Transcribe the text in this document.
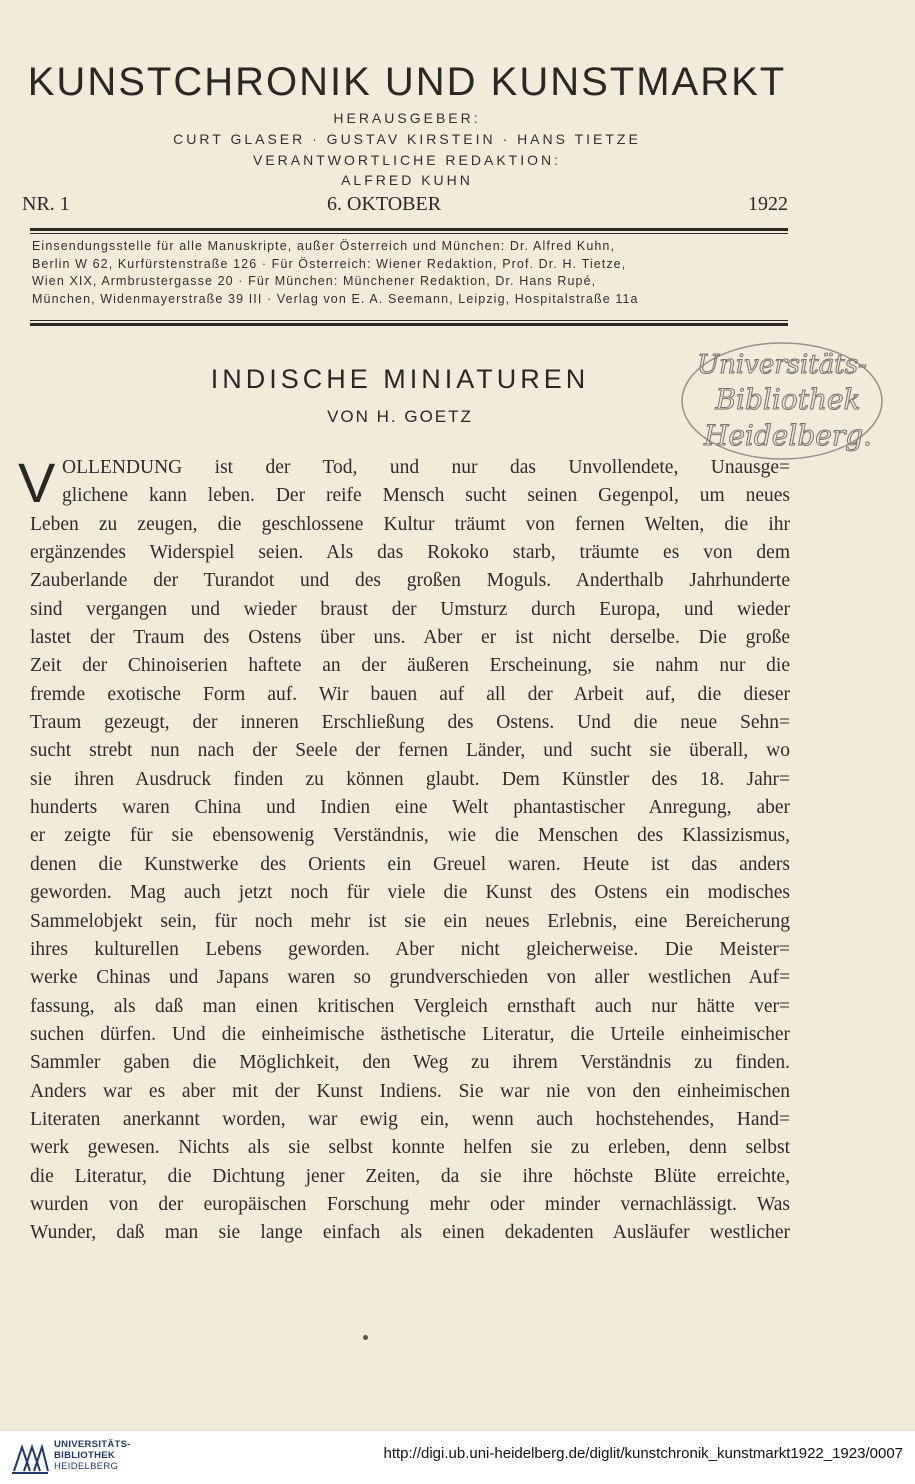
KUNSTCHRONIK UND KUNSTMARKT
HERAUSGEBER:
CURT GLASER · GUSTAV KIRSTEIN · HANS TIETZE
VERANTWORTLICHE REDAKTION:
ALFRED KUHN
NR. 1	6. OKTOBER	1922
Einsendungsstelle für alle Manuskripte, außer Österreich und München: Dr. Alfred Kuhn,
Berlin W 62, Kurfürstenstraße 126 · Für Österreich: Wiener Redaktion, Prof. Dr. H. Tietze,
Wien XIX, Armbrustergasse 20 · Für München: Münchener Redaktion, Dr. Hans Rupé,
München, Widenmayerstraße 39 III · Verlag von E. A. Seemann, Leipzig, Hospitalstraße 11a
Universitäts-
Bibliothek
Heidelberg.
INDISCHE MINIATUREN
VON H. GOETZ
V OLLENDUNG ist der Tod, und nur das Unvollendete, Unausge=
glichene kann leben. Der reife Mensch sucht seinen Gegenpol, um neues
Leben zu zeugen, die geschlossene Kultur träumt von fernen Welten, die ihr
ergänzendes Widerspiel seien. Als das Rokoko starb, träumte es von dem
Zauberlande der Turandot und des großen Moguls. Anderthalb Jahrhunderte
sind vergangen und wieder braust der Umsturz durch Europa, und wieder
lastet der Traum des Ostens über uns. Aber er ist nicht derselbe. Die große
Zeit der Chinoiserien haftete an der äußeren Erscheinung, sie nahm nur die
fremde exotische Form auf. Wir bauen auf all der Arbeit auf, die dieser
Traum gezeugt, der inneren Erschließung des Ostens. Und die neue Sehn=
sucht strebt nun nach der Seele der fernen Länder, und sucht sie überall, wo
sie ihren Ausdruck finden zu können glaubt. Dem Künstler des 18. Jahr=
hunderts waren China und Indien eine Welt phantastischer Anregung, aber
er zeigte für sie ebensowenig Verständnis, wie die Menschen des Klassizismus,
denen die Kunstwerke des Orients ein Greuel waren. Heute ist das anders
geworden. Mag auch jetzt noch für viele die Kunst des Ostens ein modisches
Sammelobjekt sein, für noch mehr ist sie ein neues Erlebnis, eine Bereicherung
ihres kulturellen Lebens geworden. Aber nicht gleicherweise. Die Meister=
werke Chinas und Japans waren so grundverschieden von aller westlichen Auf=
fassung, als daß man einen kritischen Vergleich ernsthaft auch nur hätte ver=
suchen dürfen. Und die einheimische ästhetische Literatur, die Urteile einheimischer
Sammler gaben die Möglichkeit, den Weg zu ihrem Verständnis zu finden.
Anders war es aber mit der Kunst Indiens. Sie war nie von den einheimischen
Literaten anerkannt worden, war ewig ein, wenn auch hochstehendes, Hand=
werk gewesen. Nichts als sie selbst konnte helfen sie zu erleben, denn selbst
die Literatur, die Dichtung jener Zeiten, da sie ihre höchste Blüte erreichte,
wurden von der europäischen Forschung mehr oder minder vernachlässigt. Was
Wunder, daß man sie lange einfach als einen dekadenten Ausläufer westlicher
UNIVERSITÄTS-
BIBLIOTHEK
HEIDELBERG
http://digi.ub.uni-heidelberg.de/diglit/kunstchronik_kunstmarkt1922_1923/0007
